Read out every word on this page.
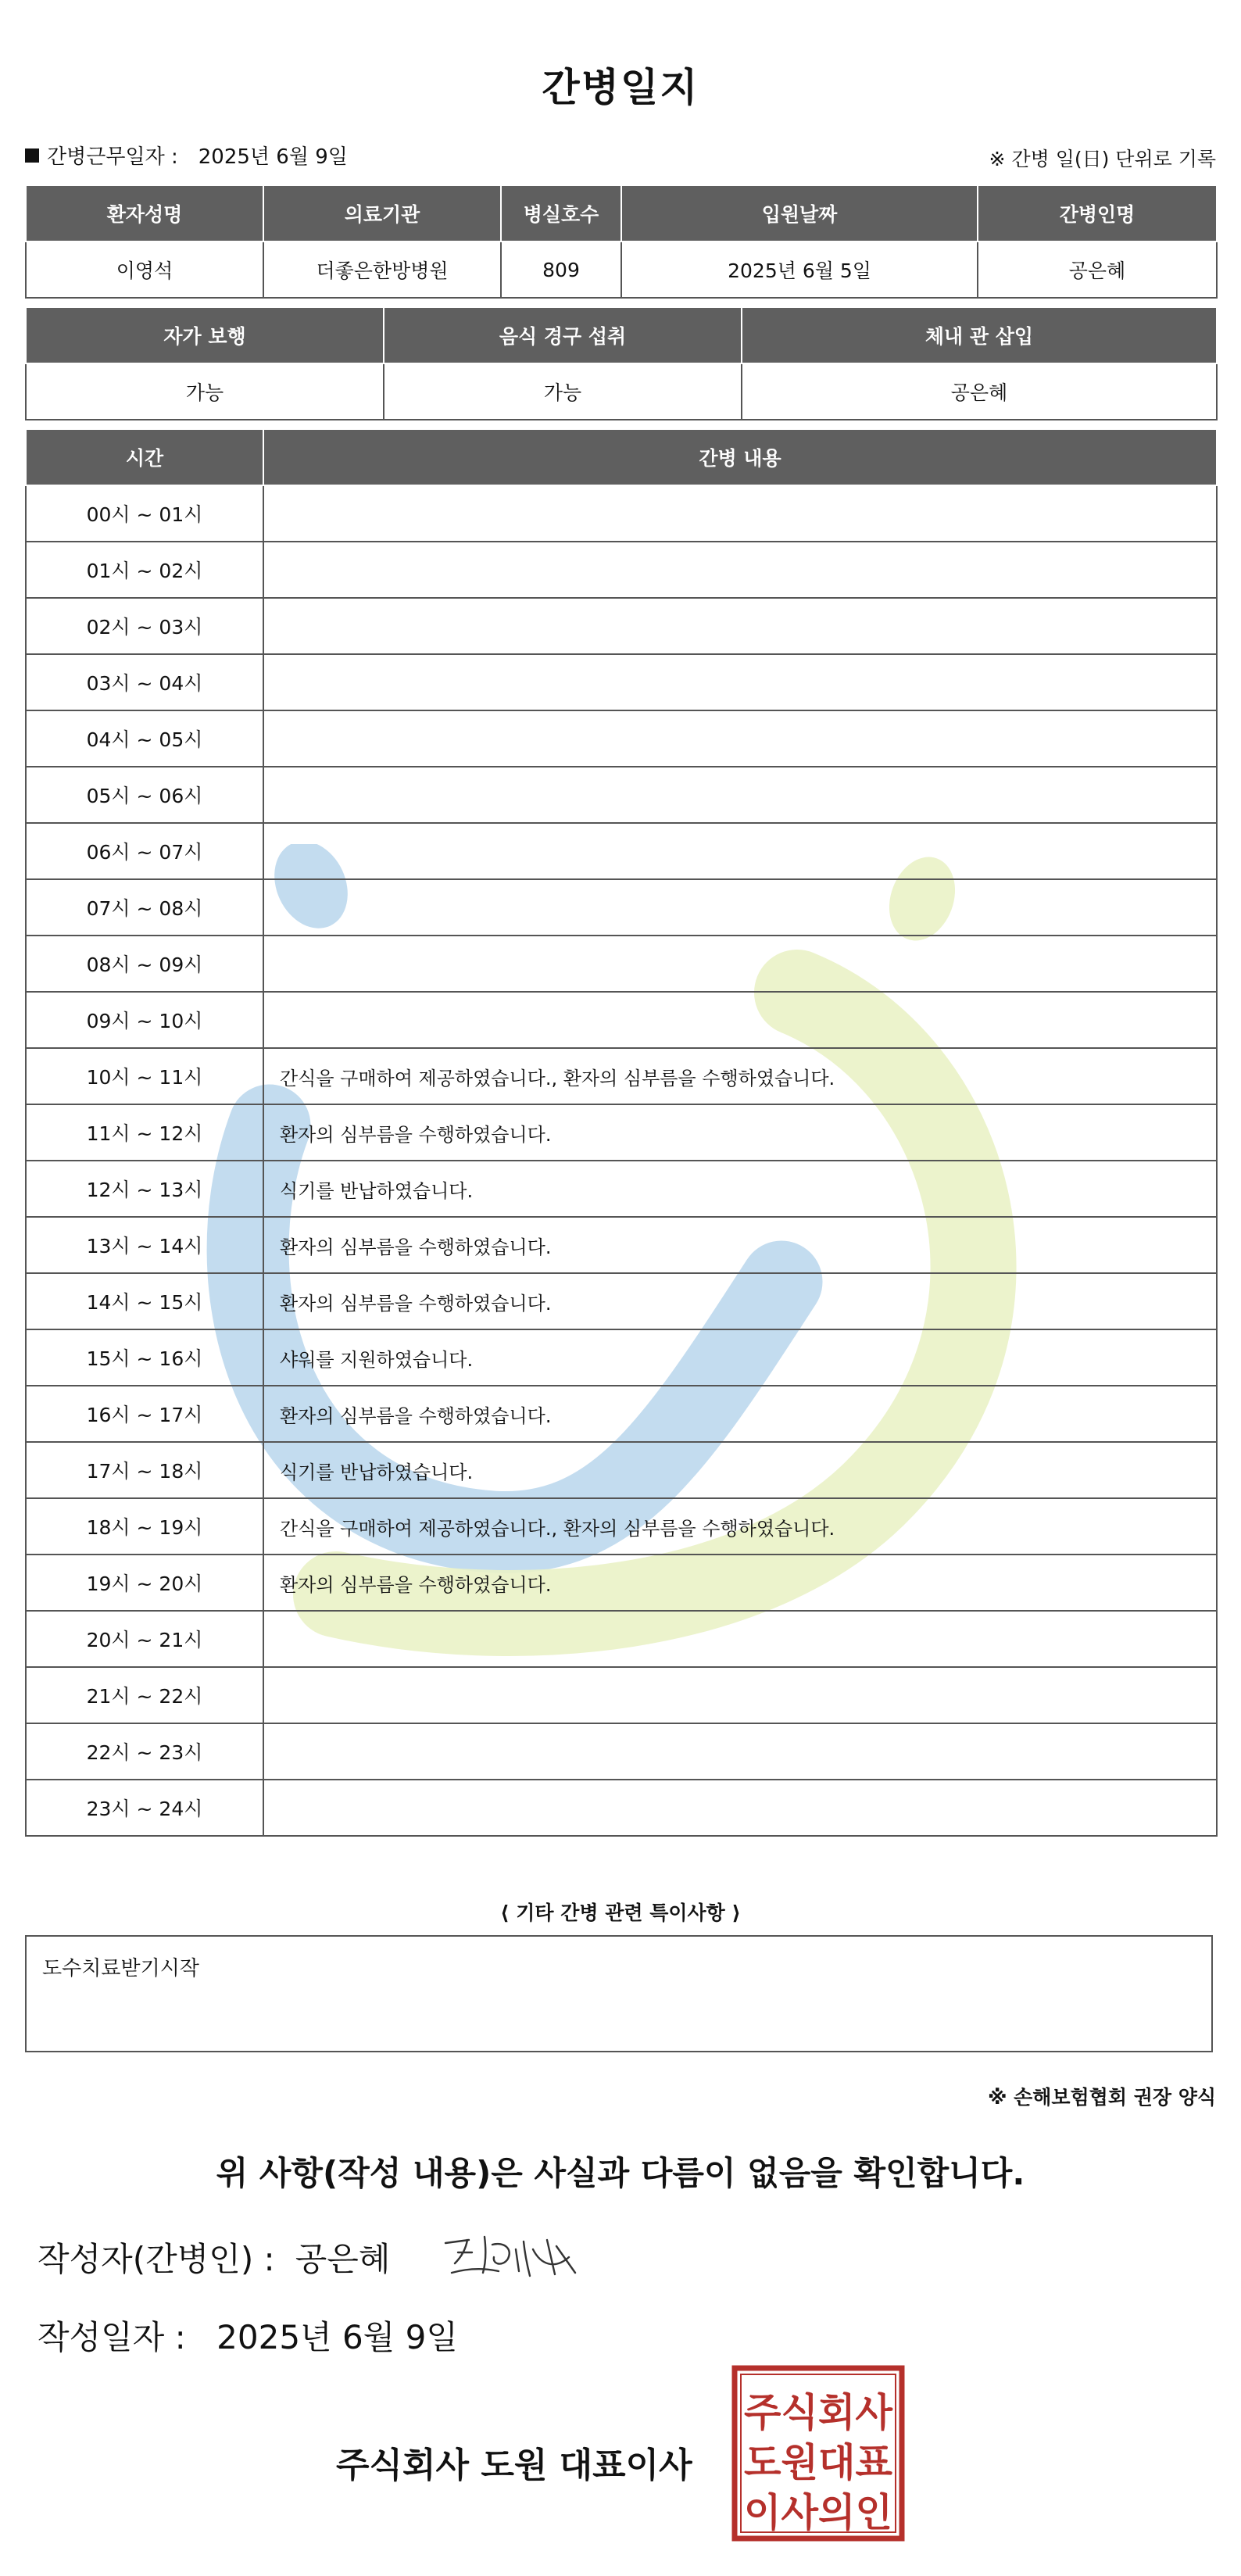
간병일지
간병근무일자 : 2025년 6월 9일	※ 간병 일(日) 단위로 기록
환자성명	의료기관	병실호수	입원날짜	간병인명
이영석	더좋은한방병원	809	2025년 6월 5일	공은혜
자가 보행	음식 경구 섭취	체내 관 삽입
가능	가능	공은혜
시간	간병 내용
00시 ~ 01시	
01시 ~ 02시	
02시 ~ 03시	
03시 ~ 04시	
04시 ~ 05시	
05시 ~ 06시	
06시 ~ 07시	
07시 ~ 08시	
08시 ~ 09시	
09시 ~ 10시	
10시 ~ 11시	간식을 구매하여 제공하였습니다., 환자의 심부름을 수행하였습니다.
11시 ~ 12시	환자의 심부름을 수행하였습니다.
12시 ~ 13시	식기를 반납하였습니다.
13시 ~ 14시	환자의 심부름을 수행하였습니다.
14시 ~ 15시	환자의 심부름을 수행하였습니다.
15시 ~ 16시	샤워를 지원하였습니다.
16시 ~ 17시	환자의 심부름을 수행하였습니다.
17시 ~ 18시	식기를 반납하였습니다.
18시 ~ 19시	간식을 구매하여 제공하였습니다., 환자의 심부름을 수행하였습니다.
19시 ~ 20시	환자의 심부름을 수행하였습니다.
20시 ~ 21시	
21시 ~ 22시	
22시 ~ 23시	
23시 ~ 24시	
⟨ 기타 간병 관련 특이사항 ⟩
도수치료받기시작
※ 손해보험협회 권장 양식
위 사항(작성 내용)은 사실과 다름이 없음을 확인합니다.
작성자(간병인) : 공은혜
작성일자 : 2025년 6월 9일
주식회사 도원 대표이사
주식회사
도원대표
이사의인
